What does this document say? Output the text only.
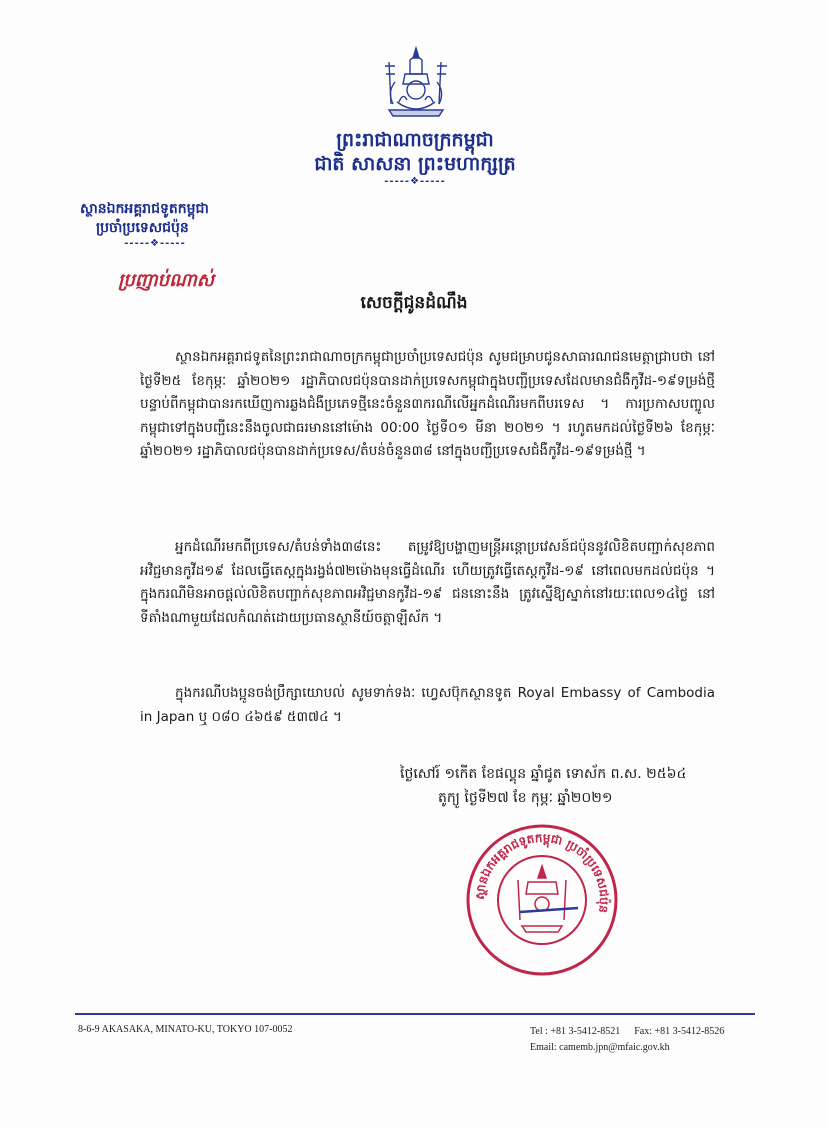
ព្រះរាជាណាចក្រកម្ពុជា
ជាតិ សាសនា ព្រះមហាក្សត្រ
-----❖-----
ស្ថានឯកអគ្គរាជទូតកម្ពុជា
ប្រចាំប្រទេសជប៉ុន
-----❖-----
ប្រញាប់ណាស់
សេចក្តីជូនដំណឹង
ស្ថានឯកអគ្គរាជទូតនៃព្រះរាជាណាចក្រកម្ពុជាប្រចាំប្រទេសជប៉ុន សូមជម្រាបជូនសាធារណជនមេត្តាជ្រាបថា នៅថ្ងៃទី២៥ ខែកុម្ភៈ ឆ្នាំ២០២១ រដ្ឋាភិបាលជប៉ុនបានដាក់ប្រទេសកម្ពុជាក្នុងបញ្ជីប្រទេសដែលមានជំងឺកូវីដ-១៩ទម្រង់ថ្មី បន្ទាប់ពីកម្ពុជាបានរកឃើញការឆ្លងជំងឺប្រភេទថ្មីនេះចំនួន៣ករណីលើអ្នកដំណើរមកពីបរទេស ។ ការប្រកាសបញ្ចូលកម្ពុជាទៅក្នុងបញ្ជីនេះនឹងចូលជាធរមាននៅម៉ោង 00:00 ថ្ងៃទី០១ មីនា ២០២១ ។ រហូតមកដល់ថ្ងៃទី២៦ ខែកុម្ភៈ ឆ្នាំ២០២១ រដ្ឋាភិបាលជប៉ុនបានដាក់ប្រទេស/តំបន់ចំនួន៣៨ នៅក្នុងបញ្ជីប្រទេសជំងឺកូវីដ-១៩ទម្រង់ថ្មី ។
អ្នកដំណើរមកពីប្រទេស/តំបន់ទាំង៣៨នេះ តម្រូវឱ្យបង្ហាញមន្ត្រីអន្តោប្រវេសន៍ជប៉ុននូវលិខិតបញ្ជាក់សុខភាពអវិជ្ជមានកូវីដ១៩ ដែលធ្វើតេស្តក្នុងរង្វង់៧២ម៉ោងមុនធ្វើដំណើរ ហើយត្រូវធ្វើតេស្តកូវីដ-១៩ នៅពេលមកដល់ជប៉ុន ។ ក្នុងករណីមិនអាចផ្តល់លិខិតបញ្ជាក់សុខភាពអវិជ្ជមានកូវីដ-១៩ ជននោះនឹង ត្រូវស្នើឱ្យស្នាក់នៅរយៈពេល១៤ថ្ងៃ នៅទីតាំងណាមួយដែលកំណត់ដោយប្រធានស្ថានីយ៍ចត្តាឡីស័ក ។
ក្នុងករណីបងប្អូនចង់ប្រឹក្សាយោបល់ សូមទាក់ទងៈ ហ្វេសប៊ុកស្ថានទូត Royal Embassy of Cambodia in Japan ឬ ០៨០ ៤៦៥៩ ៥៣៧៤ ។
ថ្ងៃសៅរ៍ ១កើត ខែផល្គុន ឆ្នាំជូត ទោស័ក ព.ស. ២៥៦៤
តូក្យូ ថ្ងៃទី២៧ ខែ កុម្ភៈ ឆ្នាំ២០២១
ស្ថានឯកអគ្គរាជទូតកម្ពុជា ប្រចាំប្រទេសជប៉ុន
8-6-9 AKASAKA, MINATO-KU, TOKYO 107-0052	Tel : +81 3-5412-8521 Fax: +81 3-5412-8526
Email: camemb.jpn@mfaic.gov.kh
